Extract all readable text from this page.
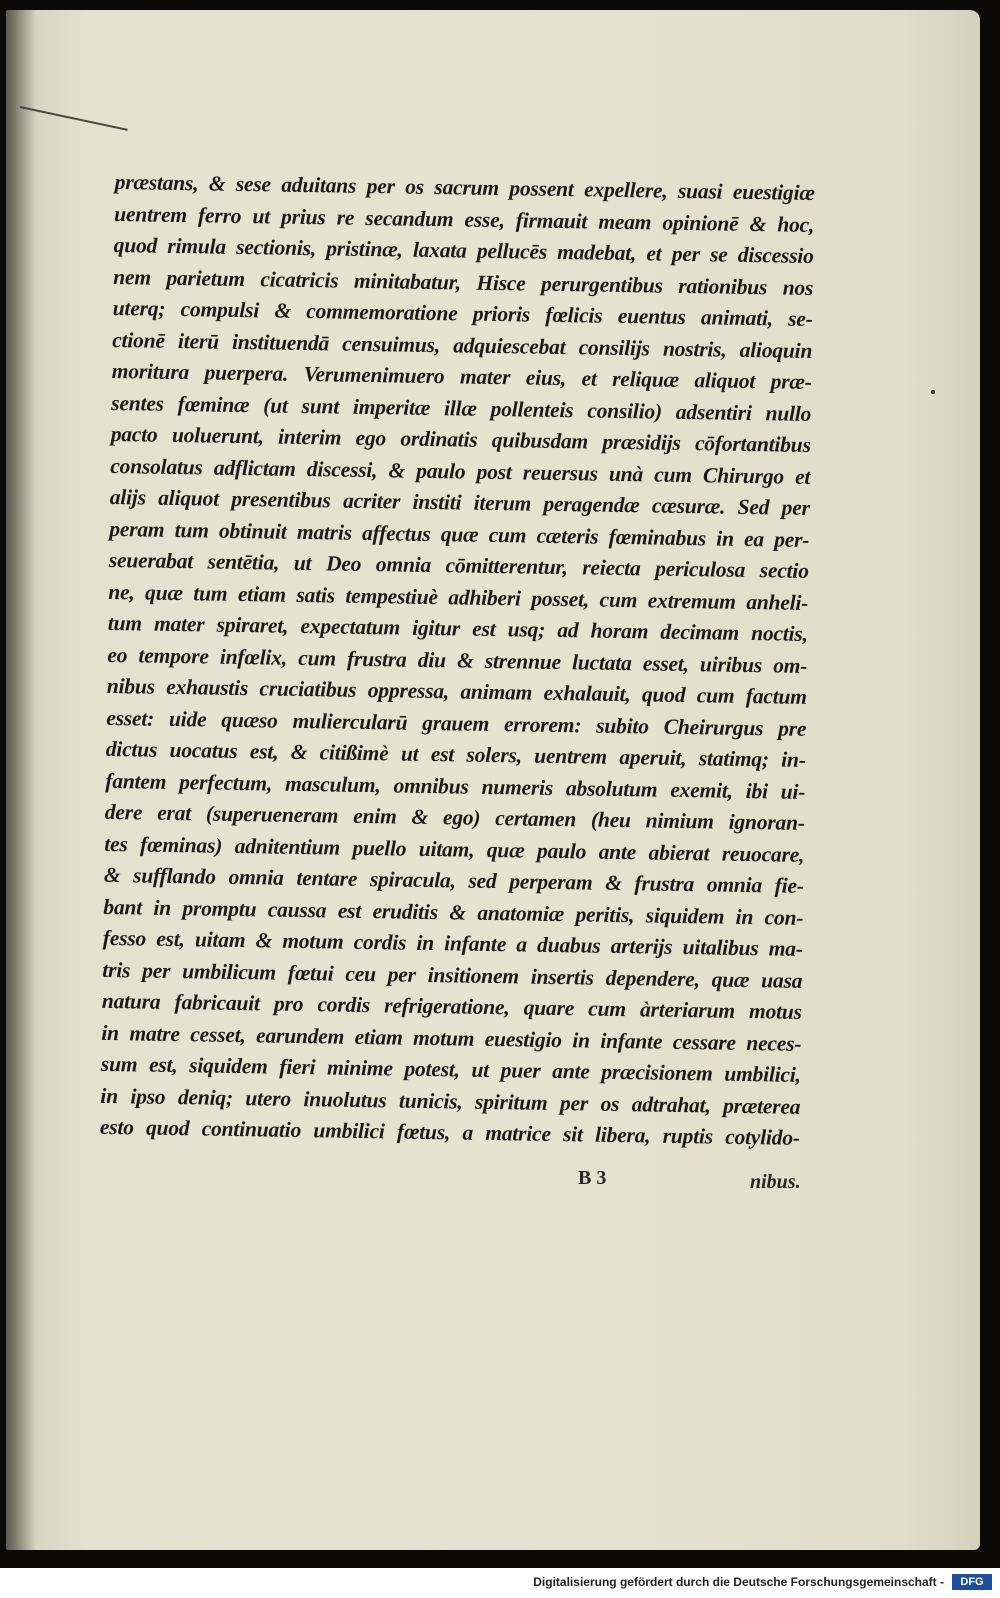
præstans, & sese aduitans per os sacrum possent expellere, suasi euestigiæ
uentrem ferro ut prius re secandum esse, firmauit meam opinionē & hoc,
quod rimula sectionis, pristinæ, laxata pellucēs madebat, et per se discessio
nem parietum cicatricis minitabatur, Hisce perurgentibus rationibus nos
uterq; compulsi & commemoratione prioris fœlicis euentus animati, se-
ctionē iterū instituendā censuimus, adquiescebat consilijs nostris, alioquin
moritura puerpera. Verumenimuero mater eius, et reliquæ aliquot præ-
sentes fœminæ (ut sunt imperitæ illæ pollenteis consilio) adsentiri nullo
pacto uoluerunt, interim ego ordinatis quibusdam præsidijs cōfortantibus
consolatus adflictam discessi, & paulo post reuersus unà cum Chirurgo et
alijs aliquot presentibus acriter institi iterum peragendæ cæsuræ. Sed per
peram tum obtinuit matris affectus quæ cum cæteris fœminabus in ea per-
seuerabat sentētia, ut Deo omnia cōmitterentur, reiecta periculosa sectio
ne, quæ tum etiam satis tempestiuè adhiberi posset, cum extremum anheli-
tum mater spiraret, expectatum igitur est usq; ad horam decimam noctis,
eo tempore infœlix, cum frustra diu & strennue luctata esset, uiribus om-
nibus exhaustis cruciatibus oppressa, animam exhalauit, quod cum factum
esset: uide quæso muliercularū grauem errorem: subito Cheirurgus pre
dictus uocatus est, & citißimè ut est solers, uentrem aperuit, statimq; in-
fantem perfectum, masculum, omnibus numeris absolutum exemit, ibi ui-
dere erat (superueneram enim & ego) certamen (heu nimium ignoran-
tes fœminas) adnitentium puello uitam, quæ paulo ante abierat reuocare,
& sufflando omnia tentare spiracula, sed perperam & frustra omnia fie-
bant in promptu caussa est eruditis & anatomiæ peritis, siquidem in con-
fesso est, uitam & motum cordis in infante a duabus arterijs uitalibus ma-
tris per umbilicum fœtui ceu per insitionem insertis dependere, quæ uasa
natura fabricauit pro cordis refrigeratione, quare cum àrteriarum motus
in matre cesset, earundem etiam motum euestigio in infante cessare neces-
sum est, siquidem fieri minime potest, ut puer ante præcisionem umbilici,
in ipso deniq; utero inuolutus tunicis, spiritum per os adtrahat, præterea
esto quod continuatio umbilici fœtus, a matrice sit libera, ruptis cotylido-
B 3	nibus.
Digitalisierung gefördert durch die Deutsche Forschungsgemeinschaft -	DFG
